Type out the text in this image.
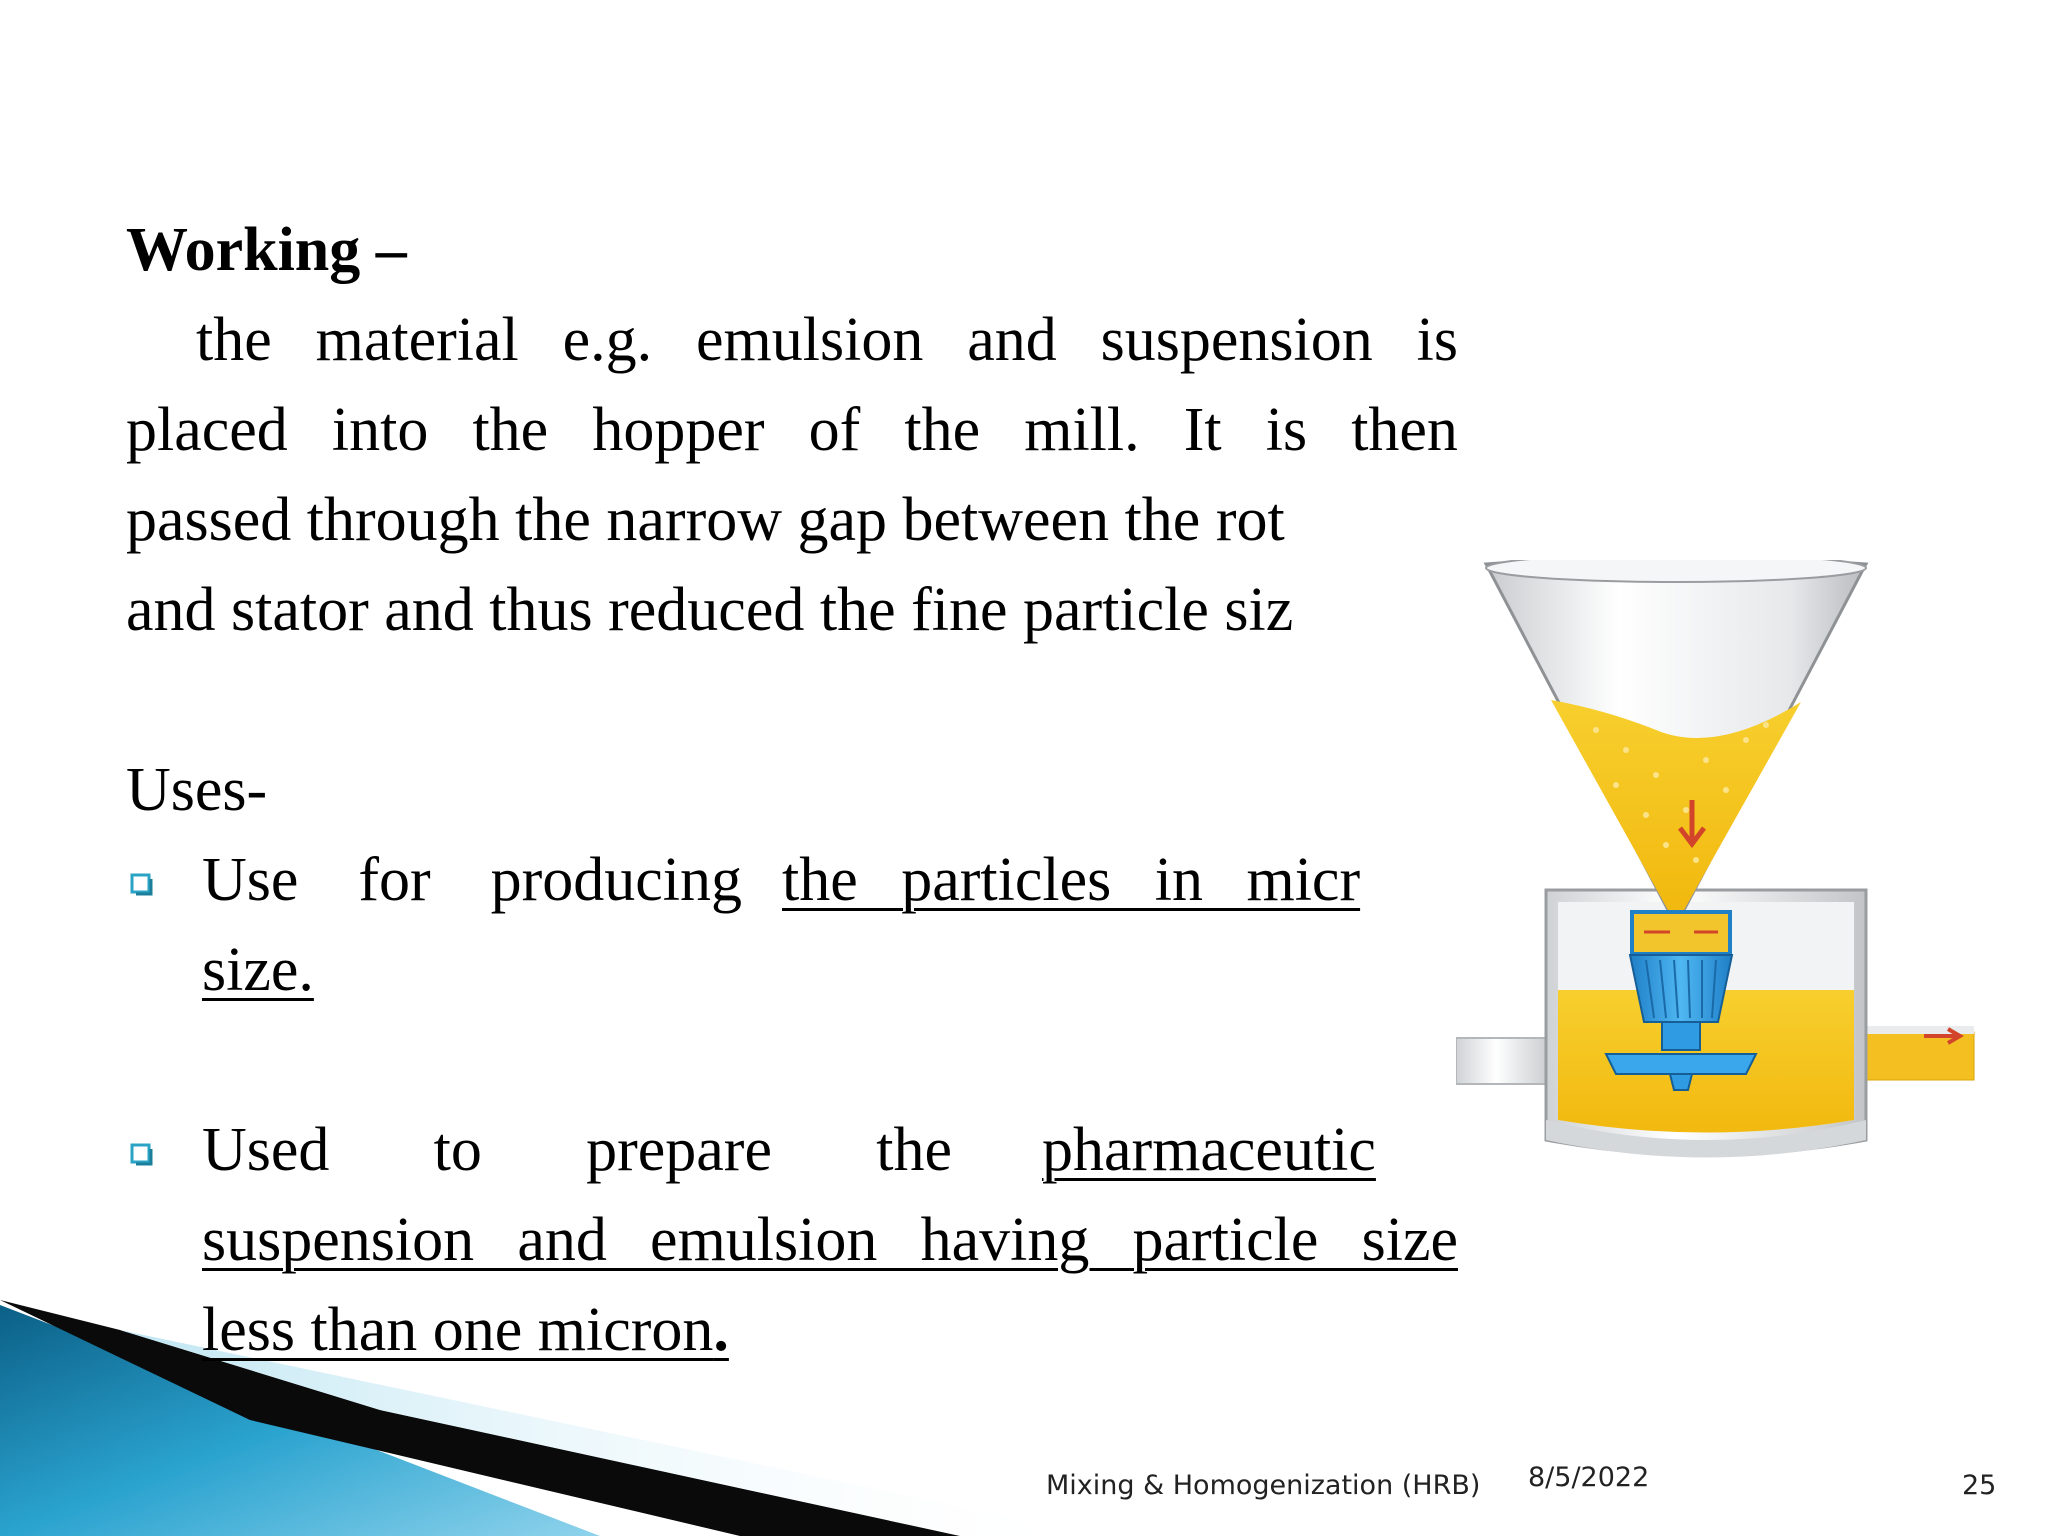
Working –
the material e.g. emulsion and suspension is
placed into the hopper of the mill. It is then
passed through the narrow gap between the rot
and stator and thus reduced the fine particle siz
Uses-
Use for producing the particles in micr
size.
Used to prepare the pharmaceutic
suspension and emulsion having particle size
less than one micron.
Mixing & Homogenization (HRB) 8/5/2022	25
